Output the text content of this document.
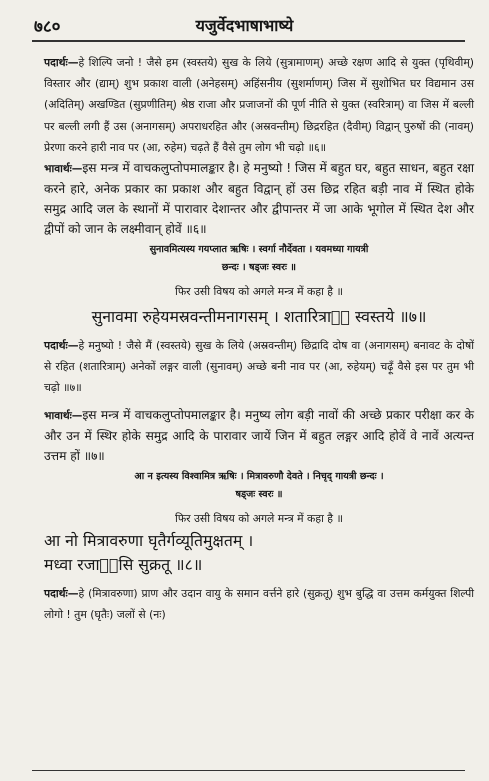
७८०	यजुर्वेदभाषाभाष्ये

पदार्थः—हे शिल्पि जनो ! जैसे हम (स्वस्तये) सुख के लिये (सुत्रामाणम्) अच्छे रक्षण आदि से युक्त (पृथिवीम्) विस्तार और (द्याम्) शुभ प्रकाश वाली (अनेहसम्) अहिंसनीय (सुशर्माणम्) जिस में सुशोभित घर विद्यमान उस (अदितिम्) अखण्डित (सुप्रणीतिम्) श्रेष्ठ राजा और प्रजाजनों की पूर्ण नीति से युक्त (स्वरित्राम्) वा जिस में बल्ली पर बल्ली लगी हैं उस (अनागसम्) अपराधरहित और (अस्रवन्तीम्) छिद्ररहित (दैवीम्) विद्वान् पुरुषों की (नावम्) प्रेरणा करने हारी नाव पर (आ, रुहेम) चढ़ते हैं वैसे तुम लोग भी चढ़ो ॥६॥

भावार्थः—इस मन्त्र में वाचकलुप्तोपमालङ्कार है। हे मनुष्यो ! जिस में बहुत घर, बहुत साधन, बहुत रक्षा करने हारे, अनेक प्रकार का प्रकाश और बहुत विद्वान् हों उस छिद्र रहित बड़ी नाव में स्थित होके समुद्र आदि जल के स्थानों में पारावार देशान्तर और द्वीपान्तर में जा आके भूगोल में स्थित देश और द्वीपों को जान के लक्ष्मीवान् होवें ॥६॥

सुनावमित्यस्य गयप्लात ऋषिः । स्वर्गा नौर्देवता । यवमध्या गायत्री

छन्दः । षड्जः स्वरः ॥

फिर उसी विषय को अगले मन्त्र में कहा है ॥

सुनावमा रुहेयमस्रवन्तीमनागसम् । शतारित्राᳬं स्वस्तये ॥७॥

पदार्थः—हे मनुष्यो ! जैसे मैं (स्वस्तये) सुख के लिये (अस्रवन्तीम्) छिद्रादि दोष वा (अनागसम्) बनावट के दोषों से रहित (शतारित्राम्) अनेकों लङ्गर वाली (सुनावम्) अच्छे बनी नाव पर (आ, रुहेयम्) चढ़ूँ वैसे इस पर तुम भी चढ़ो ॥७॥

भावार्थः—इस मन्त्र में वाचकलुप्तोपमालङ्कार है। मनुष्य लोग बड़ी नावों की अच्छे प्रकार परीक्षा कर के और उन में स्थिर होके समुद्र आदि के पारावार जायें जिन में बहुत लङ्गर आदि होवें वे नावें अत्यन्त उत्तम हों ॥७॥

आ न इत्यस्य विश्वामित्र ऋषिः । मित्रावरुणौ देवते । निचृद् गायत्री छन्दः ।

षड्जः स्वरः ॥

फिर उसी विषय को अगले मन्त्र में कहा है ॥

आ नो मित्रावरुणा घृतैर्गव्यूतिमुक्षतम् ।

मध्वा रजाᳬंसि सुक्रतू ॥८॥

पदार्थः—हे (मित्रावरुणा) प्राण और उदान वायु के समान वर्त्तने हारे (सुक्रतू) शुभ बुद्धि वा उत्तम कर्मयुक्त शिल्पी लोगो ! तुम (घृतैः) जलों से (नः)
